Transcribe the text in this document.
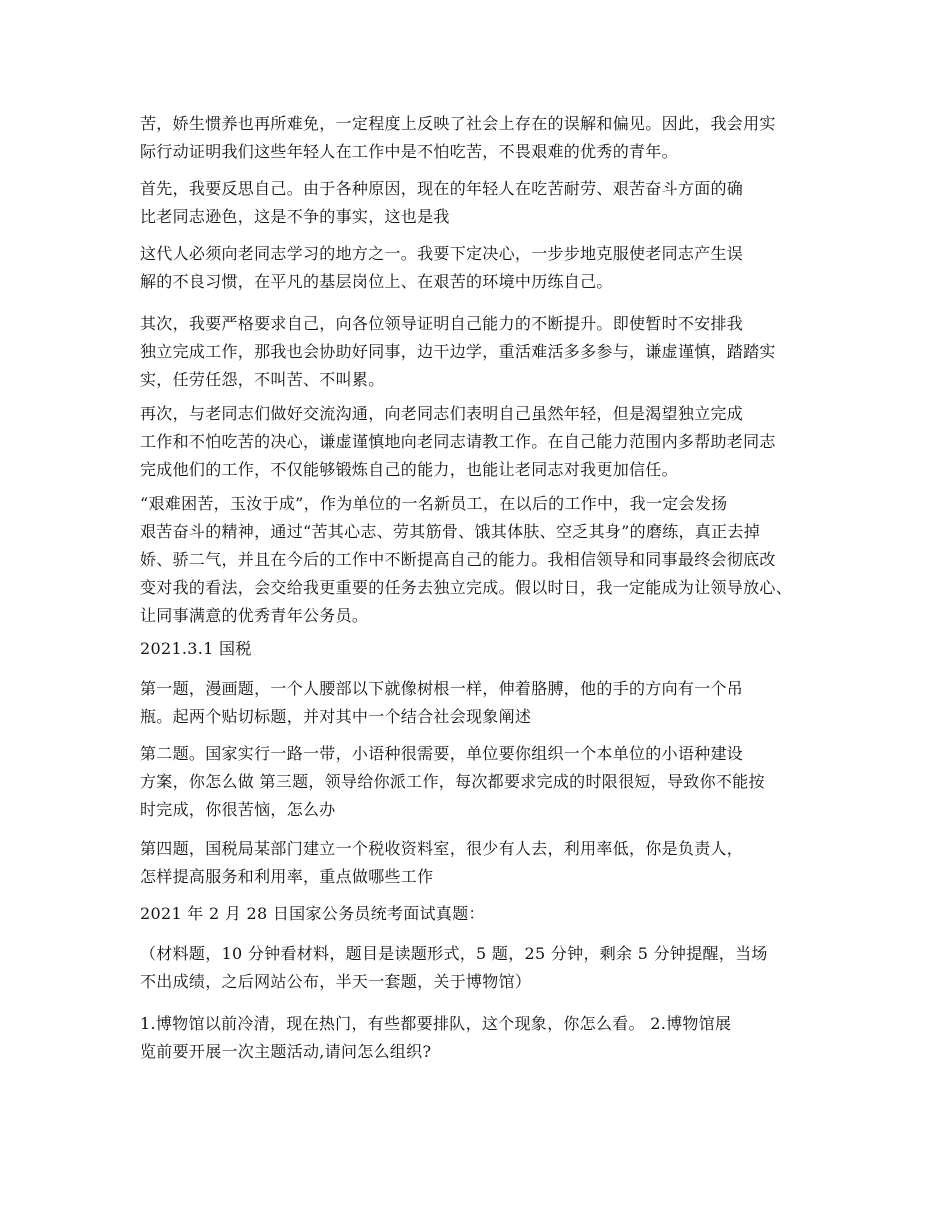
苦，娇生惯养也再所难免，一定程度上反映了社会上存在的误解和偏见。因此，我会用实
际行动证明我们这些年轻人在工作中是不怕吃苦，不畏艰难的优秀的青年。

首先，我要反思自己。由于各种原因，现在的年轻人在吃苦耐劳、艰苦奋斗方面的确
比老同志逊色，这是不争的事实，这也是我

这代人必须向老同志学习的地方之一。我要下定决心，一步步地克服使老同志产生误
解的不良习惯，在平凡的基层岗位上、在艰苦的环境中历练自己。

其次，我要严格要求自己，向各位领导证明自己能力的不断提升。即使暂时不安排我
独立完成工作，那我也会协助好同事，边干边学，重活难活多多参与，谦虚谨慎，踏踏实
实，任劳任怨，不叫苦、不叫累。

再次，与老同志们做好交流沟通，向老同志们表明自己虽然年轻，但是渴望独立完成
工作和不怕吃苦的决心，谦虚谨慎地向老同志请教工作。在自己能力范围内多帮助老同志
完成他们的工作，不仅能够锻炼自己的能力，也能让老同志对我更加信任。

“艰难困苦，玉汝于成”，作为单位的一名新员工，在以后的工作中，我一定会发扬
艰苦奋斗的精神，通过“苦其心志、劳其筋骨、饿其体肤、空乏其身”的磨练，真正去掉
娇、骄二气，并且在今后的工作中不断提高自己的能力。我相信领导和同事最终会彻底改
变对我的看法，会交给我更重要的任务去独立完成。假以时日，我一定能成为让领导放心、
让同事满意的优秀青年公务员。

2021.3.1 国税

第一题，漫画题，一个人腰部以下就像树根一样，伸着胳膊，他的手的方向有一个吊
瓶。起两个贴切标题，并对其中一个结合社会现象阐述

第二题。国家实行一路一带，小语种很需要，单位要你组织一个本单位的小语种建设
方案，你怎么做 第三题，领导给你派工作，每次都要求完成的时限很短，导致你不能按
时完成，你很苦恼，怎么办

第四题，国税局某部门建立一个税收资料室，很少有人去，利用率低，你是负责人，
怎样提高服务和利用率，重点做哪些工作

2021 年 2 月 28 日国家公务员统考面试真题：

（材料题，10 分钟看材料，题目是读题形式，5 题，25 分钟，剩余 5 分钟提醒，当场
不出成绩，之后网站公布，半天一套题，关于博物馆）

1.博物馆以前冷清，现在热门，有些都要排队，这个现象，你怎么看。 2.博物馆展
览前要开展一次主题活动,请问怎么组织?
